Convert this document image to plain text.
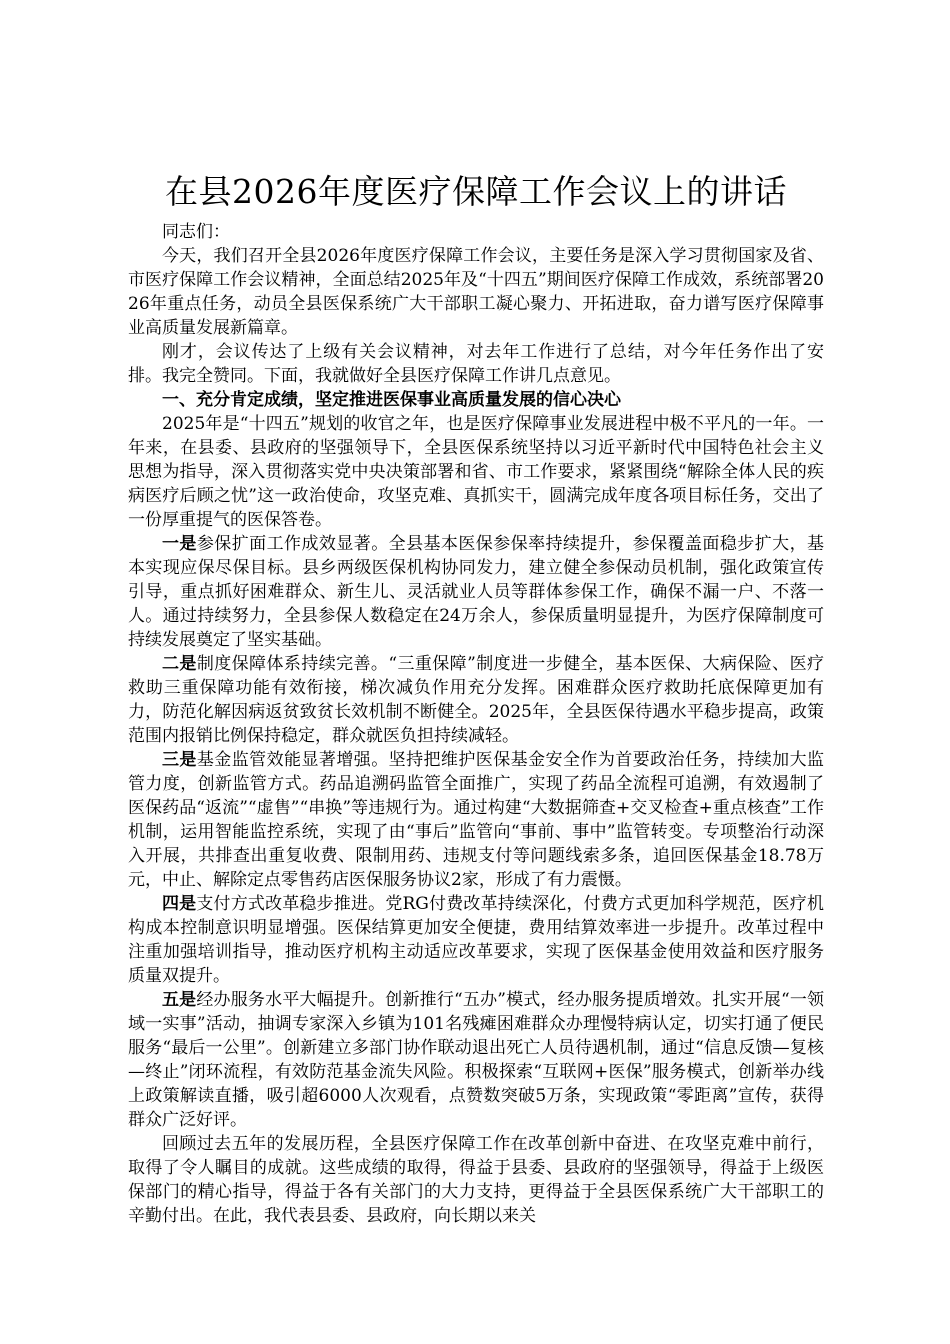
在县2026年度医疗保障工作会议上的讲话

同志们：

今天，我们召开全县2026年度医疗保障工作会议，主要任务是深入学习贯彻国家及省、市医疗保障工作会议精神，全面总结2025年及“十四五”期间医疗保障工作成效，系统部署2026年重点任务，动员全县医保系统广大干部职工凝心聚力、开拓进取，奋力谱写医疗保障事业高质量发展新篇章。

刚才，会议传达了上级有关会议精神，对去年工作进行了总结，对今年任务作出了安排。我完全赞同。下面，我就做好全县医疗保障工作讲几点意见。

一、充分肯定成绩，坚定推进医保事业高质量发展的信心决心

2025年是“十四五”规划的收官之年，也是医疗保障事业发展进程中极不平凡的一年。一年来，在县委、县政府的坚强领导下，全县医保系统坚持以习近平新时代中国特色社会主义思想为指导，深入贯彻落实党中央决策部署和省、市工作要求，紧紧围绕“解除全体人民的疾病医疗后顾之忧”这一政治使命，攻坚克难、真抓实干，圆满完成年度各项目标任务，交出了一份厚重提气的医保答卷。

一是参保扩面工作成效显著。全县基本医保参保率持续提升，参保覆盖面稳步扩大，基本实现应保尽保目标。县乡两级医保机构协同发力，建立健全参保动员机制，强化政策宣传引导，重点抓好困难群众、新生儿、灵活就业人员等群体参保工作，确保不漏一户、不落一人。通过持续努力，全县参保人数稳定在24万余人，参保质量明显提升，为医疗保障制度可持续发展奠定了坚实基础。

二是制度保障体系持续完善。“三重保障”制度进一步健全，基本医保、大病保险、医疗救助三重保障功能有效衔接，梯次减负作用充分发挥。困难群众医疗救助托底保障更加有力，防范化解因病返贫致贫长效机制不断健全。2025年，全县医保待遇水平稳步提高，政策范围内报销比例保持稳定，群众就医负担持续减轻。

三是基金监管效能显著增强。坚持把维护医保基金安全作为首要政治任务，持续加大监管力度，创新监管方式。药品追溯码监管全面推广，实现了药品全流程可追溯，有效遏制了医保药品“返流”“虚售”“串换”等违规行为。通过构建“大数据筛查+交叉检查+重点核查”工作机制，运用智能监控系统，实现了由“事后”监管向“事前、事中”监管转变。专项整治行动深入开展，共排查出重复收费、限制用药、违规支付等问题线索多条，追回医保基金18.78万元，中止、解除定点零售药店医保服务协议2家，形成了有力震慑。

四是支付方式改革稳步推进。党RG付费改革持续深化，付费方式更加科学规范，医疗机构成本控制意识明显增强。医保结算更加安全便捷，费用结算效率进一步提升。改革过程中注重加强培训指导，推动医疗机构主动适应改革要求，实现了医保基金使用效益和医疗服务质量双提升。

五是经办服务水平大幅提升。创新推行“五办”模式，经办服务提质增效。扎实开展“一领域一实事”活动，抽调专家深入乡镇为101名残瘫困难群众办理慢特病认定，切实打通了便民服务“最后一公里”。创新建立多部门协作联动退出死亡人员待遇机制，通过“信息反馈—复核—终止”闭环流程，有效防范基金流失风险。积极探索“互联网+医保”服务模式，创新举办线上政策解读直播，吸引超6000人次观看，点赞数突破5万条，实现政策“零距离”宣传，获得群众广泛好评。

回顾过去五年的发展历程，全县医疗保障工作在改革创新中奋进、在攻坚克难中前行，取得了令人瞩目的成就。这些成绩的取得，得益于县委、县政府的坚强领导，得益于上级医保部门的精心指导，得益于各有关部门的大力支持，更得益于全县医保系统广大干部职工的辛勤付出。在此，我代表县委、县政府，向长期以来关
